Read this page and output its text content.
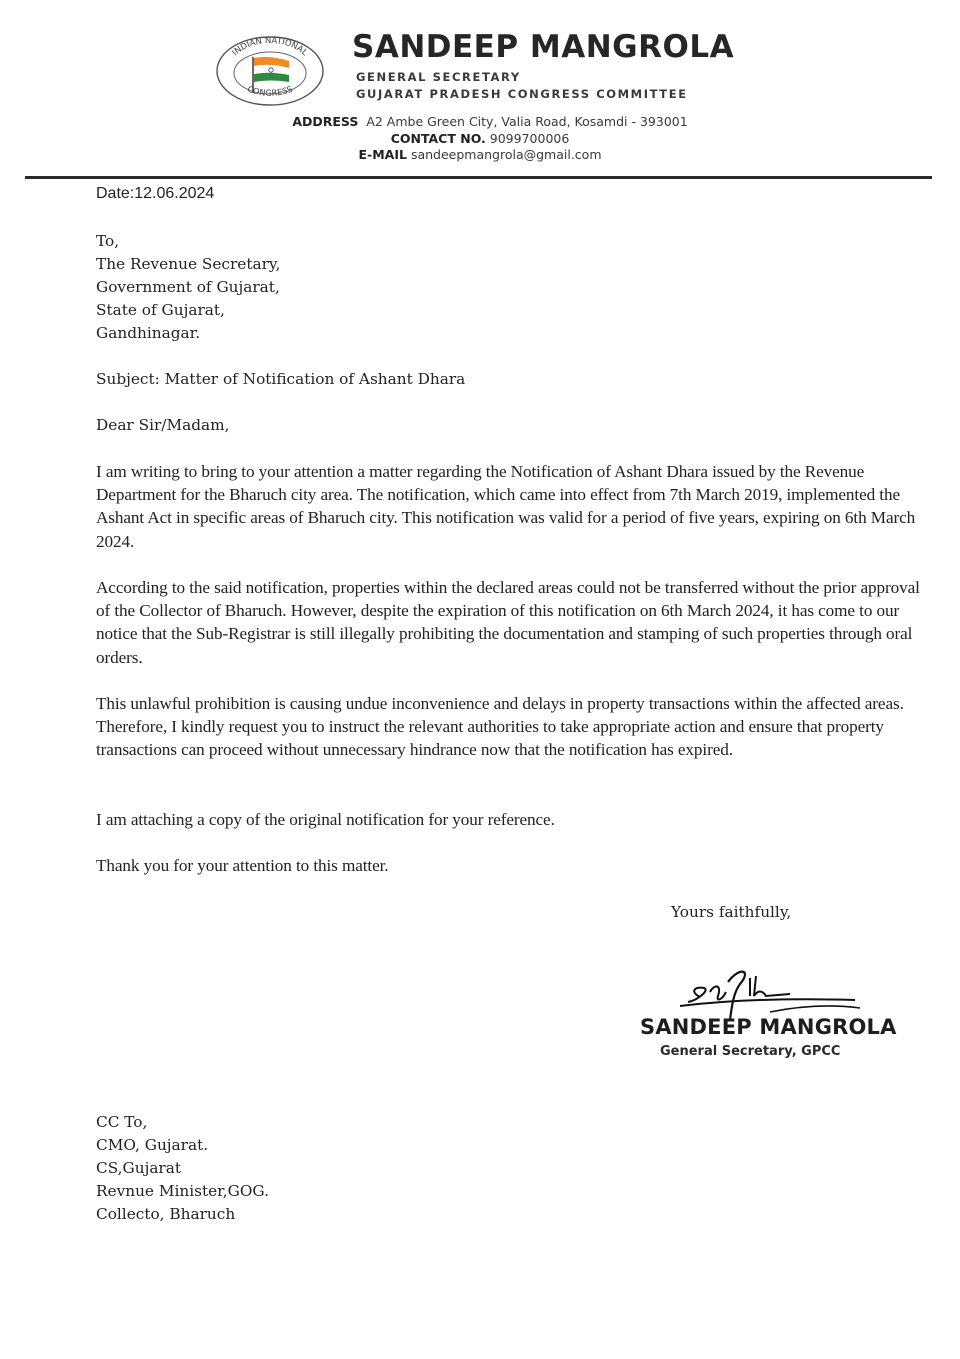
INDIAN NATIONAL
CONGRESS
SANDEEP MANGROLA
GENERAL SECRETARY
GUJARAT PRADESH CONGRESS COMMITTEE
ADDRESS A2 Ambe Green City, Valia Road, Kosamdi - 393001
CONTACT NO. 9099700006
E-MAIL sandeepmangrola@gmail.com
Date:12.06.2024
To,
The Revenue Secretary,
Government of Gujarat,
State of Gujarat,
Gandhinagar.
Subject: Matter of Notification of Ashant Dhara
Dear Sir/Madam,
I am writing to bring to your attention a matter regarding the Notification of Ashant Dhara issued by the Revenue Department for the Bharuch city area. The notification, which came into effect from 7th March 2019, implemented the Ashant Act in specific areas of Bharuch city. This notification was valid for a period of five years, expiring on 6th March 2024.
According to the said notification, properties within the declared areas could not be transferred without the prior approval of the Collector of Bharuch. However, despite the expiration of this notification on 6th March 2024, it has come to our notice that the Sub-Registrar is still illegally prohibiting the documentation and stamping of such properties through oral orders.
This unlawful prohibition is causing undue inconvenience and delays in property transactions within the affected areas. Therefore, I kindly request you to instruct the relevant authorities to take appropriate action and ensure that property transactions can proceed without unnecessary hindrance now that the notification has expired.
I am attaching a copy of the original notification for your reference.
Thank you for your attention to this matter.
Yours faithfully,
SANDEEP MANGROLA
General Secretary, GPCC
CC To,
CMO, Gujarat.
CS,Gujarat
Revnue Minister,GOG.
Collecto, Bharuch
